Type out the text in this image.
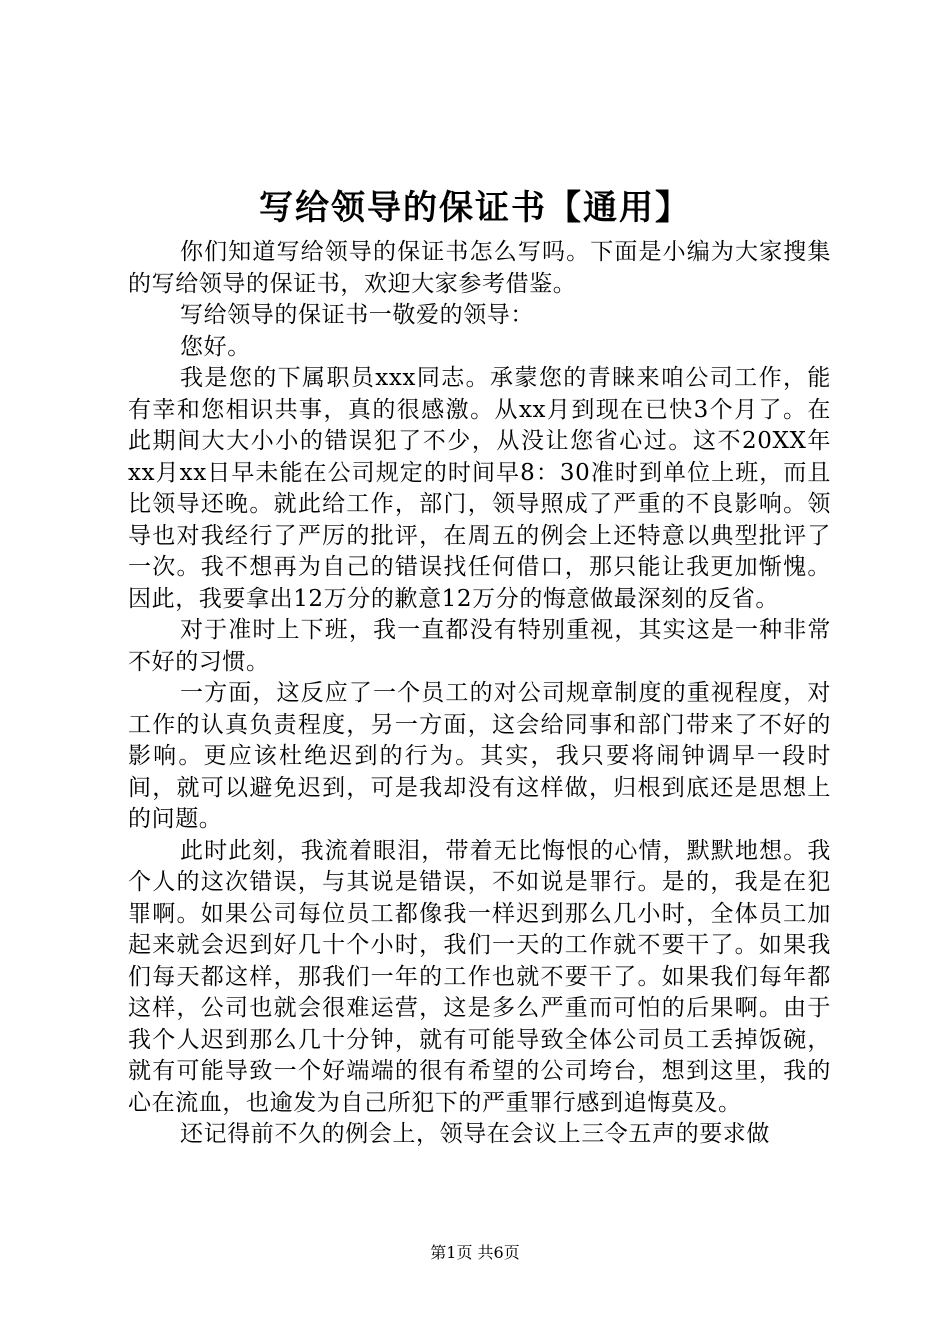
写给领导的保证书【通用】

你们知道写给领导的保证书怎么写吗。下面是小编为大家搜集的写给领导的保证书，欢迎大家参考借鉴。

写给领导的保证书一敬爱的领导：

您好。

我是您的下属职员xxx同志。承蒙您的青睐来咱公司工作，能有幸和您相识共事，真的很感激。从xx月到现在已快3个月了。在此期间大大小小的错误犯了不少，从没让您省心过。这不20XX年xx月xx日早未能在公司规定的时间早8：30准时到单位上班，而且比领导还晚。就此给工作，部门，领导照成了严重的不良影响。领导也对我经行了严厉的批评，在周五的例会上还特意以典型批评了一次。我不想再为自己的错误找任何借口，那只能让我更加惭愧。因此，我要拿出12万分的歉意12万分的悔意做最深刻的反省。

对于准时上下班，我一直都没有特别重视，其实这是一种非常不好的习惯。

一方面，这反应了一个员工的对公司规章制度的重视程度，对工作的认真负责程度，另一方面，这会给同事和部门带来了不好的影响。更应该杜绝迟到的行为。其实，我只要将闹钟调早一段时间，就可以避免迟到，可是我却没有这样做，归根到底还是思想上的问题。

此时此刻，我流着眼泪，带着无比悔恨的心情，默默地想。我个人的这次错误，与其说是错误，不如说是罪行。是的，我是在犯罪啊。如果公司每位员工都像我一样迟到那么几小时，全体员工加起来就会迟到好几十个小时，我们一天的工作就不要干了。如果我们每天都这样，那我们一年的工作也就不要干了。如果我们每年都这样，公司也就会很难运营，这是多么严重而可怕的后果啊。由于我个人迟到那么几十分钟，就有可能导致全体公司员工丢掉饭碗，就有可能导致一个好端端的很有希望的公司垮台，想到这里，我的心在流血，也逾发为自己所犯下的严重罪行感到追悔莫及。

还记得前不久的例会上，领导在会议上三令五声的要求做

第1页 共6页
